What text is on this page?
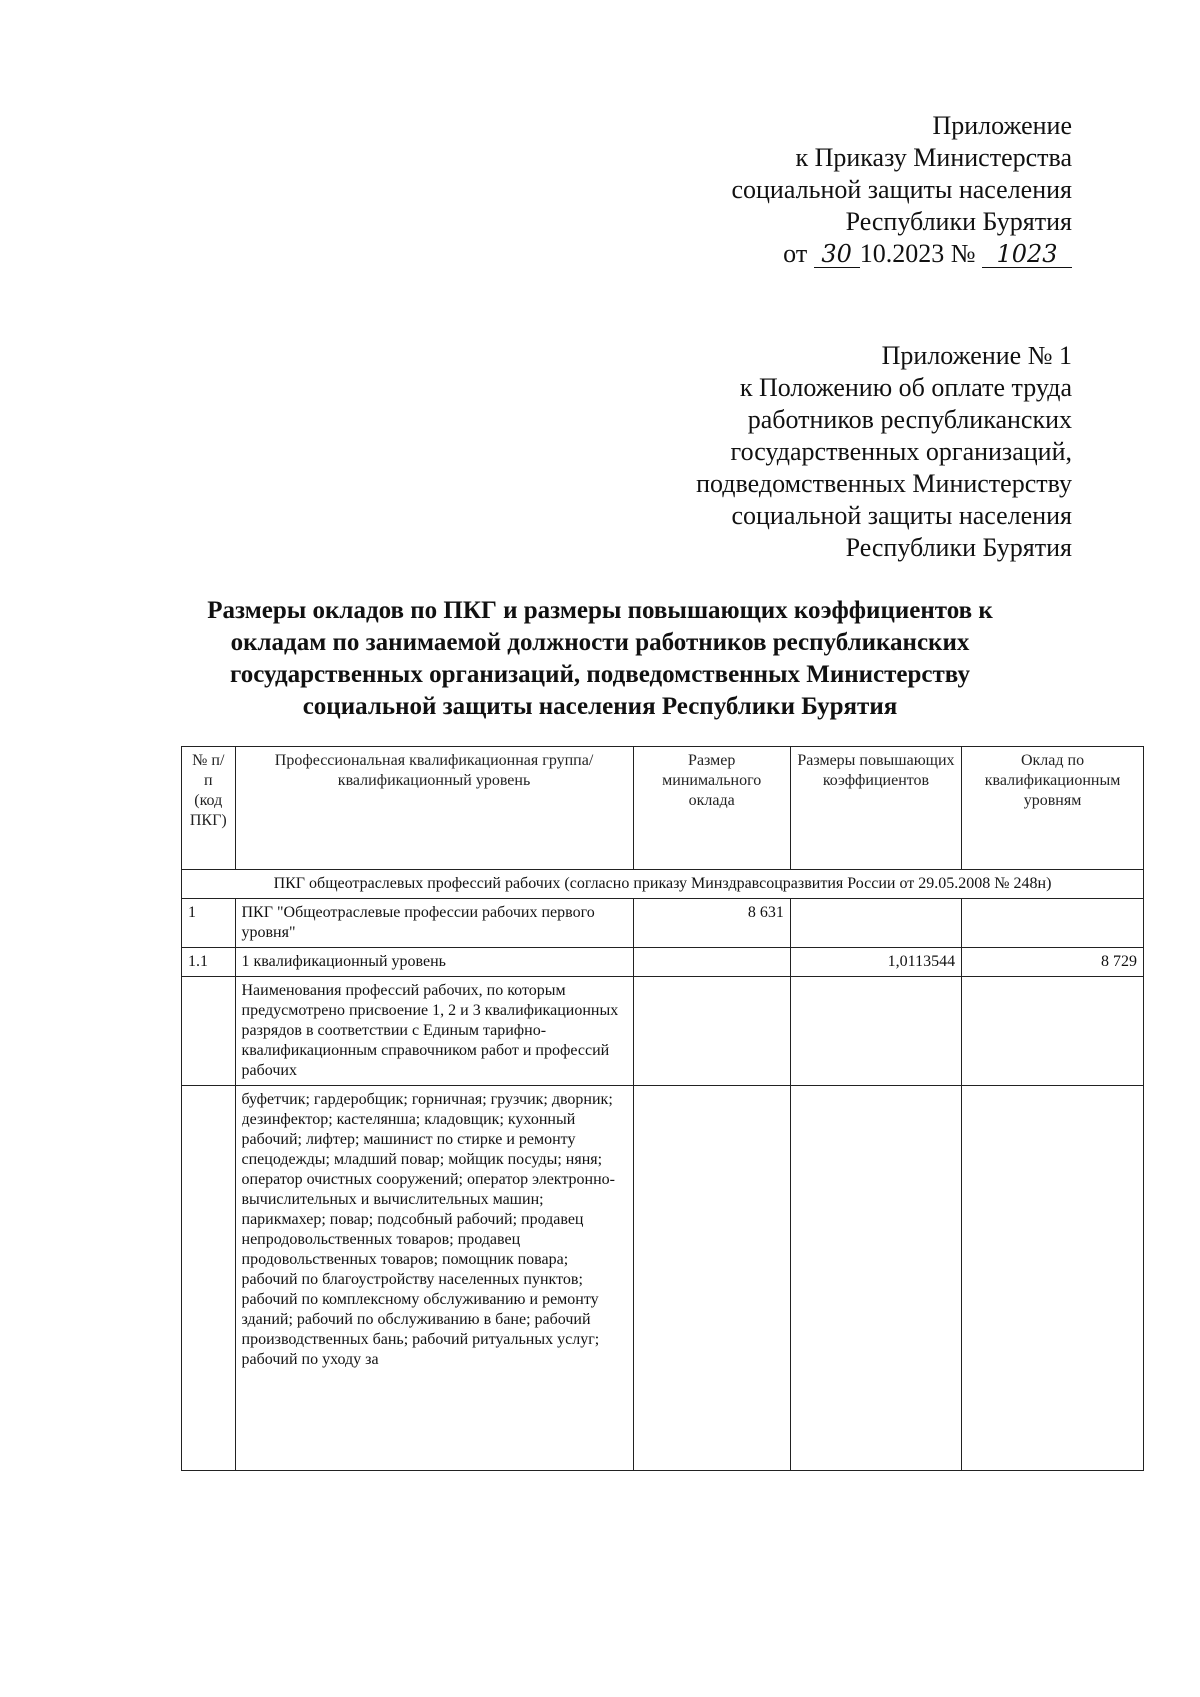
Приложение
к Приказу Министерства
социальной защиты населения
Республики Бурятия
от 30 10.2023 № 1023
Приложение № 1
к Положению об оплате труда
работников республиканских
государственных организаций,
подведомственных Министерству
социальной защиты населения
Республики Бурятия
Размеры окладов по ПКГ и размеры повышающих коэффициентов к
окладам по занимаемой должности работников республиканских
государственных организаций, подведомственных Министерству
социальной защиты населения Республики Бурятия
№ п/п (код ПКГ)	Профессиональная квалификационная группа/квалификационный уровень	Размер минимального оклада	Размеры повышающих коэффициентов	Оклад по квалификационным уровням
ПКГ общеотраслевых профессий рабочих (согласно приказу Минздравсоцразвития России от 29.05.2008 № 248н)				
1	ПКГ "Общеотраслевые профессии рабочих первого уровня"	8 631		
1.1	1 квалификационный уровень		1,0113544	8 729
	Наименования профессий рабочих, по которым предусмотрено присвоение 1, 2 и 3 квалификационных разрядов в соответствии с Единым тарифно-квалификационным справочником работ и профессий рабочих			

	буфетчик; гардеробщик; горничная; грузчик; дворник; дезинфектор; кастелянша; кладовщик; кухонный рабочий; лифтер; машинист по стирке и ремонту спецодежды; младший повар; мойщик посуды; няня; оператор очистных сооружений; оператор электронно-вычислительных и вычислительных машин; парикмахер; повар; подсобный рабочий; продавец непродовольственных товаров; продавец продовольственных товаров; помощник повара; рабочий по благоустройству населенных пунктов; рабочий по комплексному обслуживанию и ремонту зданий; рабочий по обслуживанию в бане; рабочий производственных бань; рабочий ритуальных услуг; рабочий по уходу за			
